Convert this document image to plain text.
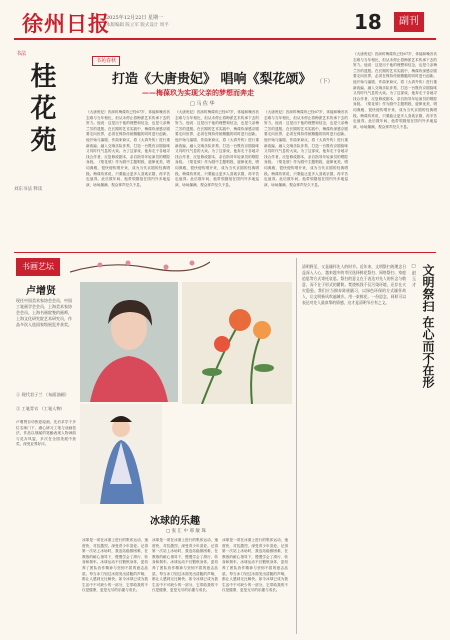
徐州日报
2025年12月22日 星期一
本版编辑 陈立军 版式设计 周平	18	副刊
书法
桂花苑
刘东书法 释读
书苑春秋
打造《大唐贵妃》 唱响《梨花颂》 （下）
——梅葆玖为实现父亲的梦想而奔走
□ 马 佐 华
《大唐贵妃》首演时梅葆玖已经67岁，体能和嗓音状态难与当年相比，但从未停止将梅派艺术传承下去的努力。他说：这是出于他的理想和信念，也是父亲梅兰芳的遗愿。在长期的艺术实践中，梅葆玖深感京剧要走向世界，必须在保持传统精髓的同时进行创新。他开始与编剧、作曲家商议，将《太真外传》进行重新改编，融入交响乐队伴奏，打造一台既有京剧韵味又具时代气息的大戏。为了这部戏，他奔走于各地寻找合作者，反复修改剧本，亲自指导年轻演员的唱腔身段。《梨花颂》作为剧中主题唱段，旋律优美，唱词典雅，很快便传唱开来，成为当代京剧的经典唱段。梅葆玖常说，只要能让更多人喜欢京剧，再辛苦也值得。此后数年间，他带领剧组在国内外多地巡演，场场爆满，观众掌声经久不息。
《大唐贵妃》首演时梅葆玖已经67岁，体能和嗓音状态难与当年相比，但从未停止将梅派艺术传承下去的努力。他说：这是出于他的理想和信念，也是父亲梅兰芳的遗愿。在长期的艺术实践中，梅葆玖深感京剧要走向世界，必须在保持传统精髓的同时进行创新。他开始与编剧、作曲家商议，将《太真外传》进行重新改编，融入交响乐队伴奏，打造一台既有京剧韵味又具时代气息的大戏。为了这部戏，他奔走于各地寻找合作者，反复修改剧本，亲自指导年轻演员的唱腔身段。《梨花颂》作为剧中主题唱段，旋律优美，唱词典雅，很快便传唱开来，成为当代京剧的经典唱段。梅葆玖常说，只要能让更多人喜欢京剧，再辛苦也值得。此后数年间，他带领剧组在国内外多地巡演，场场爆满，观众掌声经久不息。
《大唐贵妃》首演时梅葆玖已经67岁，体能和嗓音状态难与当年相比，但从未停止将梅派艺术传承下去的努力。他说：这是出于他的理想和信念，也是父亲梅兰芳的遗愿。在长期的艺术实践中，梅葆玖深感京剧要走向世界，必须在保持传统精髓的同时进行创新。他开始与编剧、作曲家商议，将《太真外传》进行重新改编，融入交响乐队伴奏，打造一台既有京剧韵味又具时代气息的大戏。为了这部戏，他奔走于各地寻找合作者，反复修改剧本，亲自指导年轻演员的唱腔身段。《梨花颂》作为剧中主题唱段，旋律优美，唱词典雅，很快便传唱开来，成为当代京剧的经典唱段。梅葆玖常说，只要能让更多人喜欢京剧，再辛苦也值得。此后数年间，他带领剧组在国内外多地巡演，场场爆满，观众掌声经久不息。
《大唐贵妃》首演时梅葆玖已经67岁，体能和嗓音状态难与当年相比，但从未停止将梅派艺术传承下去的努力。他说：这是出于他的理想和信念，也是父亲梅兰芳的遗愿。在长期的艺术实践中，梅葆玖深感京剧要走向世界，必须在保持传统精髓的同时进行创新。他开始与编剧、作曲家商议，将《太真外传》进行重新改编，融入交响乐队伴奏，打造一台既有京剧韵味又具时代气息的大戏。为了这部戏，他奔走于各地寻找合作者，反复修改剧本，亲自指导年轻演员的唱腔身段。《梨花颂》作为剧中主题唱段，旋律优美，唱词典雅，很快便传唱开来，成为当代京剧的经典唱段。梅葆玖常说，只要能让更多人喜欢京剧，再辛苦也值得。此后数年间，他带领剧组在国内外多地巡演，场场爆满，观众掌声经久不息。
书画艺坛
卢增贤
现任中国美术家协会会员，中国工笔画学会会员，上海美术家协会会员，上海书画院签约画师，上海文化研究院艺术研究员，作品多次入选国家级展览并获奖。
① 现代君子兰 （布面油画）
② 工笔青衣 （工笔人物）
冰球的乐趣
□ 张 汇 中 邢 敏 珠
卢增贤自幼热爱绘画，先后求学于多位名师门下，潜心研习工笔与油画技法，作品以细腻的笔触表现人物神韵与花卉风姿，多次在全国美展中获奖，深受业界好评。
冰球是一项在冰面上进行的集体运动，速度快，对抗激烈，深受青少年喜爱。记得第一次站上冰场时，我连站稳都困难，在教练的耐心指导下，慢慢学会了滑行、转身和刹车。冰球运动不仅锻炼身体，更培养了团队协作精神与坚韧不拔的意志品质。每当冰刀划过冰面发出清脆的声响，都让人感到无比畅快。如今冰球已成为我生活中不可缺少的一部分，它带给我的不仅是健康，更是无尽的乐趣与成长。
冰球是一项在冰面上进行的集体运动，速度快，对抗激烈，深受青少年喜爱。记得第一次站上冰场时，我连站稳都困难，在教练的耐心指导下，慢慢学会了滑行、转身和刹车。冰球运动不仅锻炼身体，更培养了团队协作精神与坚韧不拔的意志品质。每当冰刀划过冰面发出清脆的声响，都让人感到无比畅快。如今冰球已成为我生活中不可缺少的一部分，它带给我的不仅是健康，更是无尽的乐趣与成长。
冰球是一项在冰面上进行的集体运动，速度快，对抗激烈，深受青少年喜爱。记得第一次站上冰场时，我连站稳都困难，在教练的耐心指导下，慢慢学会了滑行、转身和刹车。冰球运动不仅锻炼身体，更培养了团队协作精神与坚韧不拔的意志品质。每当冰刀划过冰面发出清脆的声响，都让人感到无比畅快。如今冰球已成为我生活中不可缺少的一部分，它带给我的不仅是健康，更是无尽的乐趣与成长。
文明祭扫 在心而不在形
□ 赵 玉 才
清明将至，又是缅怀先人的时节。近年来，文明祭扫的理念日益深入人心，越来越多的市民选择鲜花祭扫、网络祭扫、家庭追思等方式寄托哀思。祭扫的意义在于表达对先人的怀念与敬意，而不在于形式的繁简。焚烧纸钱不仅污染环境，还存在火灾隐患。我们应当摒弃陈规陋习，以绿色环保的方式缅怀故人，让文明新风吹遍城乡。用一束鲜花、一份思念，同样可以表达对先人最真挚的情感，这才是清明节应有之义。
